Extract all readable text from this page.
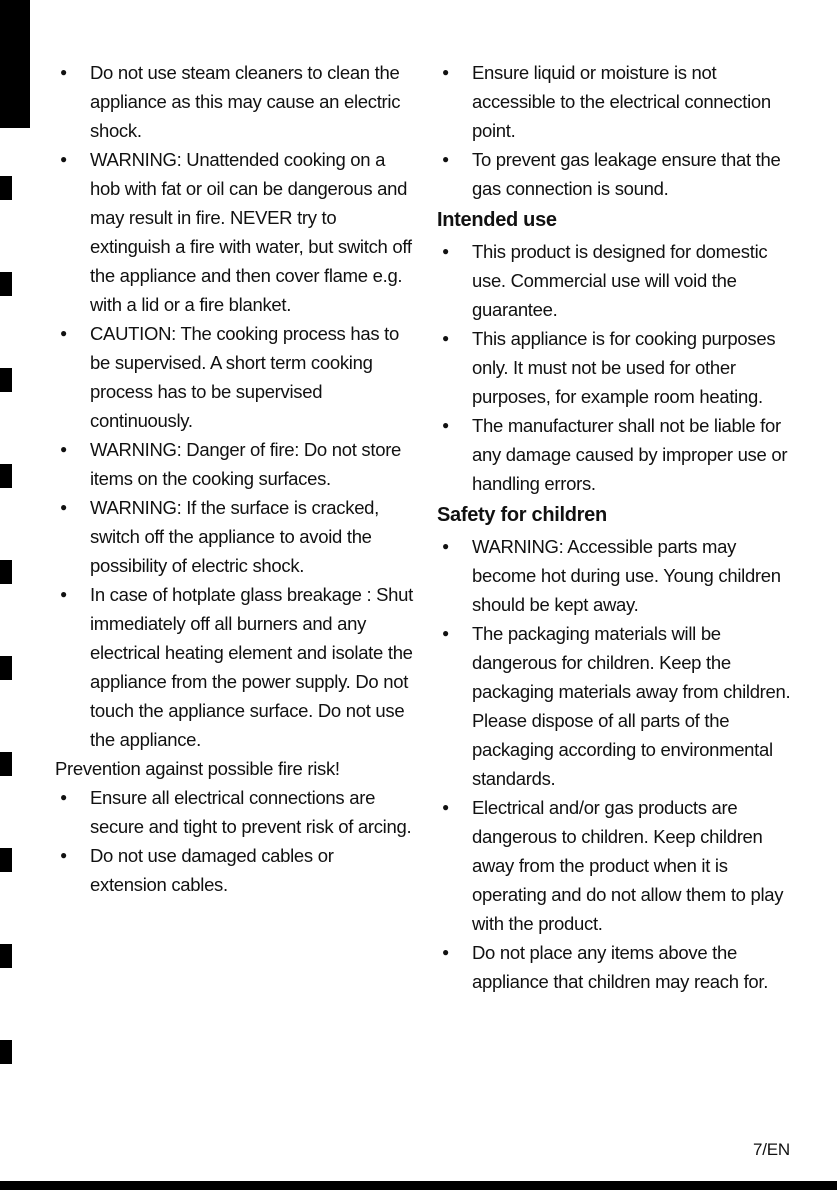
● Do not use steam cleaners to clean the appliance as this may cause an electric shock.
● WARNING: Unattended cooking on a hob with fat or oil can be dangerous and may result in fire. NEVER try to extinguish a fire with water, but switch off the appliance and then cover flame e.g. with a lid or a fire blanket.
● CAUTION: The cooking process has to be supervised. A short term cooking process has to be supervised continuously.
● WARNING: Danger of fire: Do not store items on the cooking surfaces.
● WARNING: If the surface is cracked, switch off the appliance to avoid the possibility of electric shock.
● In case of hotplate glass breakage : Shut immediately off all burners and any electrical heating element and isolate the appliance from the power supply. Do not touch the appliance surface. Do not use the appliance.
Prevention against possible fire risk!
● Ensure all electrical connections are secure and tight to prevent risk of arcing.
● Do not use damaged cables or extension cables.
● Ensure liquid or moisture is not accessible to the electrical connection point.
● To prevent gas leakage ensure that the gas connection is sound.
Intended use
● This product is designed for domestic use. Commercial use will void the guarantee.
● This appliance is for cooking purposes only. It must not be used for other purposes, for example room heating.
● The manufacturer shall not be liable for any damage caused by improper use or handling errors.
Safety for children
● WARNING: Accessible parts may become hot during use. Young children should be kept away.
● The packaging materials will be dangerous for children. Keep the packaging materials away from children. Please dispose of all parts of the packaging according to environmental standards.
● Electrical and/or gas products are dangerous to children. Keep children away from the product when it is operating and do not allow them to play with the product.
● Do not place any items above the appliance that children may reach for.
7/EN
